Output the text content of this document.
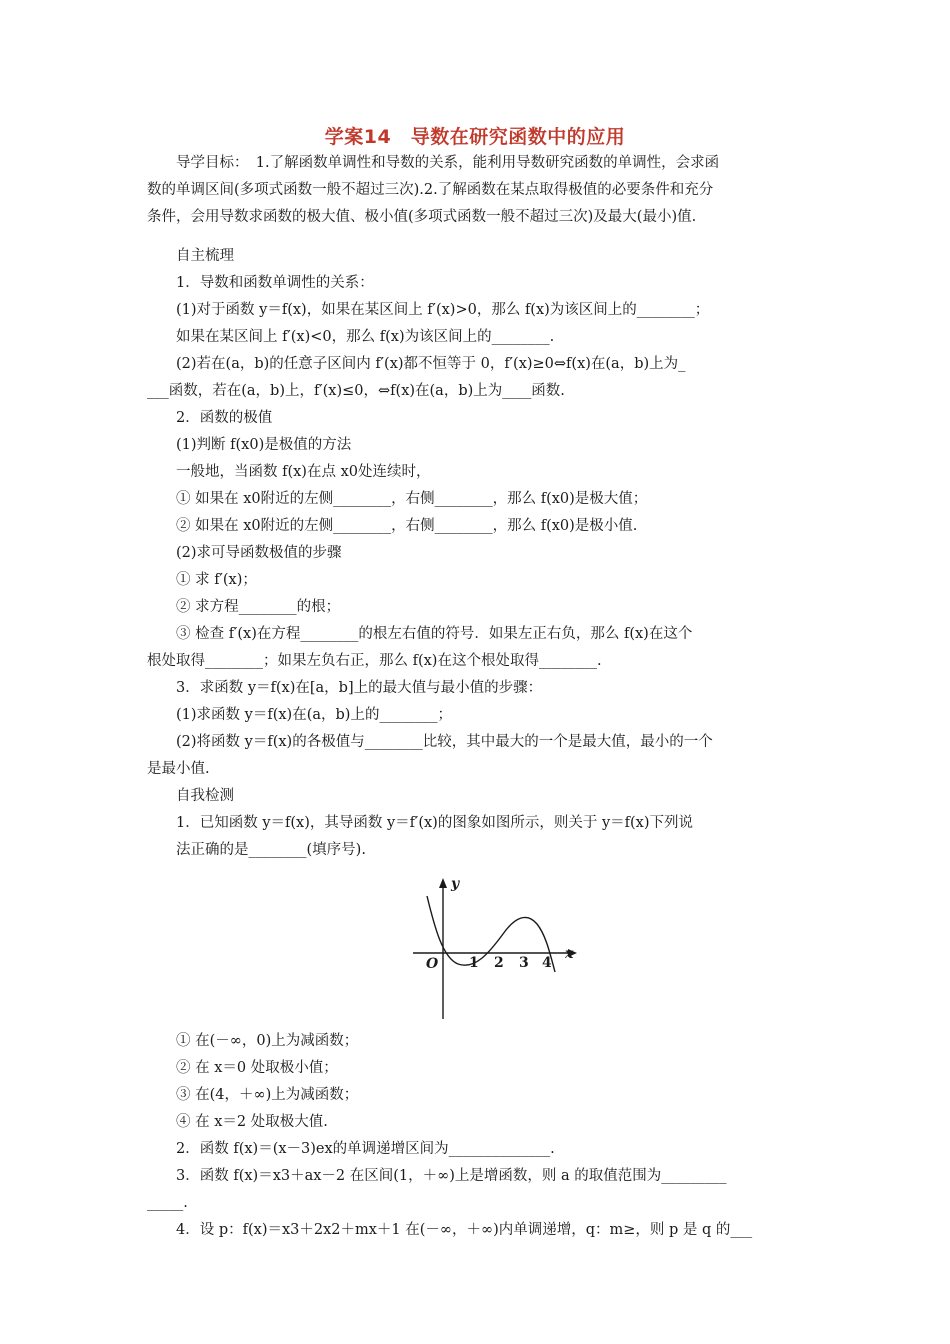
学案14　导数在研究函数中的应用
导学目标：　1.了解函数单调性和导数的关系，能利用导数研究函数的单调性，会求函
数的单调区间(多项式函数一般不超过三次).2.了解函数在某点取得极值的必要条件和充分
条件，会用导数求函数的极大值、极小值(多项式函数一般不超过三次)及最大(最小)值.
自主梳理
1．导数和函数单调性的关系：
(1)对于函数 y＝f(x)，如果在某区间上 f′(x)>0，那么 f(x)为该区间上的________；
如果在某区间上 f′(x)<0，那么 f(x)为该区间上的________.
(2)若在(a，b)的任意子区间内 f′(x)都不恒等于 0，f′(x)≥0⇔f(x)在(a，b)上为_
___函数，若在(a，b)上，f′(x)≤0，⇔f(x)在(a，b)上为____函数.
2．函数的极值
(1)判断 f(x0)是极值的方法
一般地，当函数 f(x)在点 x0处连续时，
① 如果在 x0附近的左侧________，右侧________，那么 f(x0)是极大值；
② 如果在 x0附近的左侧________，右侧________，那么 f(x0)是极小值.
(2)求可导函数极值的步骤
① 求 f′(x)；
② 求方程________的根；
③ 检查 f′(x)在方程________的根左右值的符号．如果左正右负，那么 f(x)在这个
根处取得________；如果左负右正，那么 f(x)在这个根处取得________.
3．求函数 y＝f(x)在[a，b]上的最大值与最小值的步骤：
(1)求函数 y＝f(x)在(a，b)上的________；
(2)将函数 y＝f(x)的各极值与________比较，其中最大的一个是最大值，最小的一个
是最小值.
自我检测
1．已知函数 y＝f(x)，其导函数 y＝f′(x)的图象如图所示，则关于 y＝f(x)下列说
法正确的是________(填序号).
y
x
O 1 2 3 4
① 在(－∞，0)上为减函数；
② 在 x＝0 处取极小值；
③ 在(4，＋∞)上为减函数；
④ 在 x＝2 处取极大值.
2．函数 f(x)＝(x－3)ex的单调递增区间为______________.
3．函数 f(x)＝x3＋ax－2 在区间(1，＋∞)上是增函数，则 a 的取值范围为_________
_____.
4．设 p：f(x)＝x3＋2x2＋mx＋1 在(－∞，＋∞)内单调递增，q：m≥，则 p 是 q 的___
